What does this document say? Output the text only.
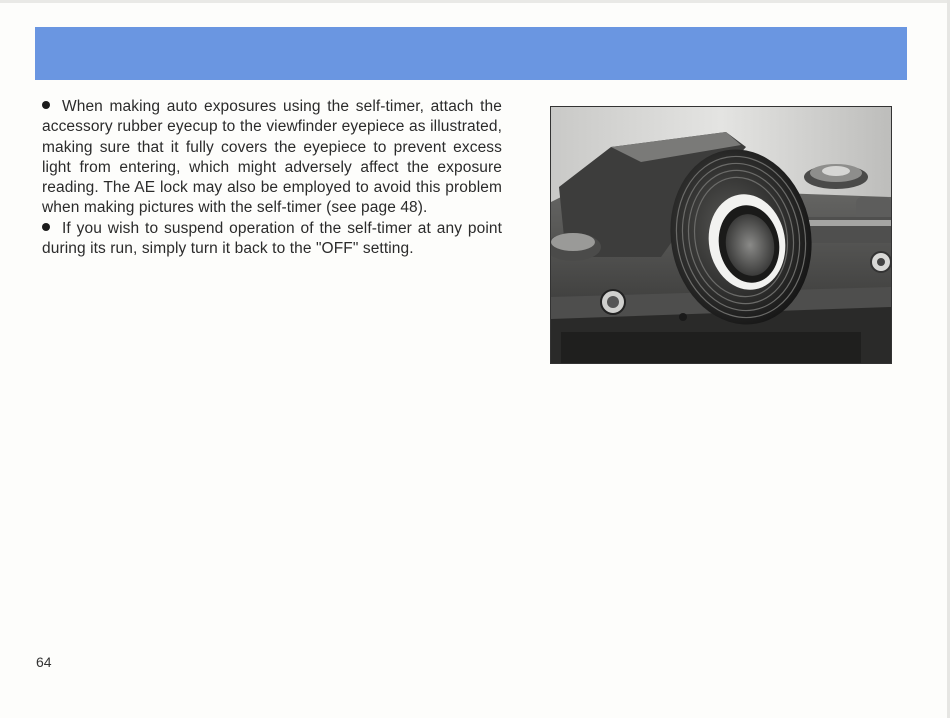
When making auto exposures using the self-timer, attach the accessory rubber eyecup to the viewfinder eyepiece as illustrated, making sure that it fully covers the eyepiece to prevent excess light from entering, which might adversely affect the exposure reading. The AE lock may also be employed to avoid this problem when making pictures with the self-timer (see page 48).

If you wish to suspend operation of the self-timer at any point during its run, simply turn it back to the "OFF" setting.

64
